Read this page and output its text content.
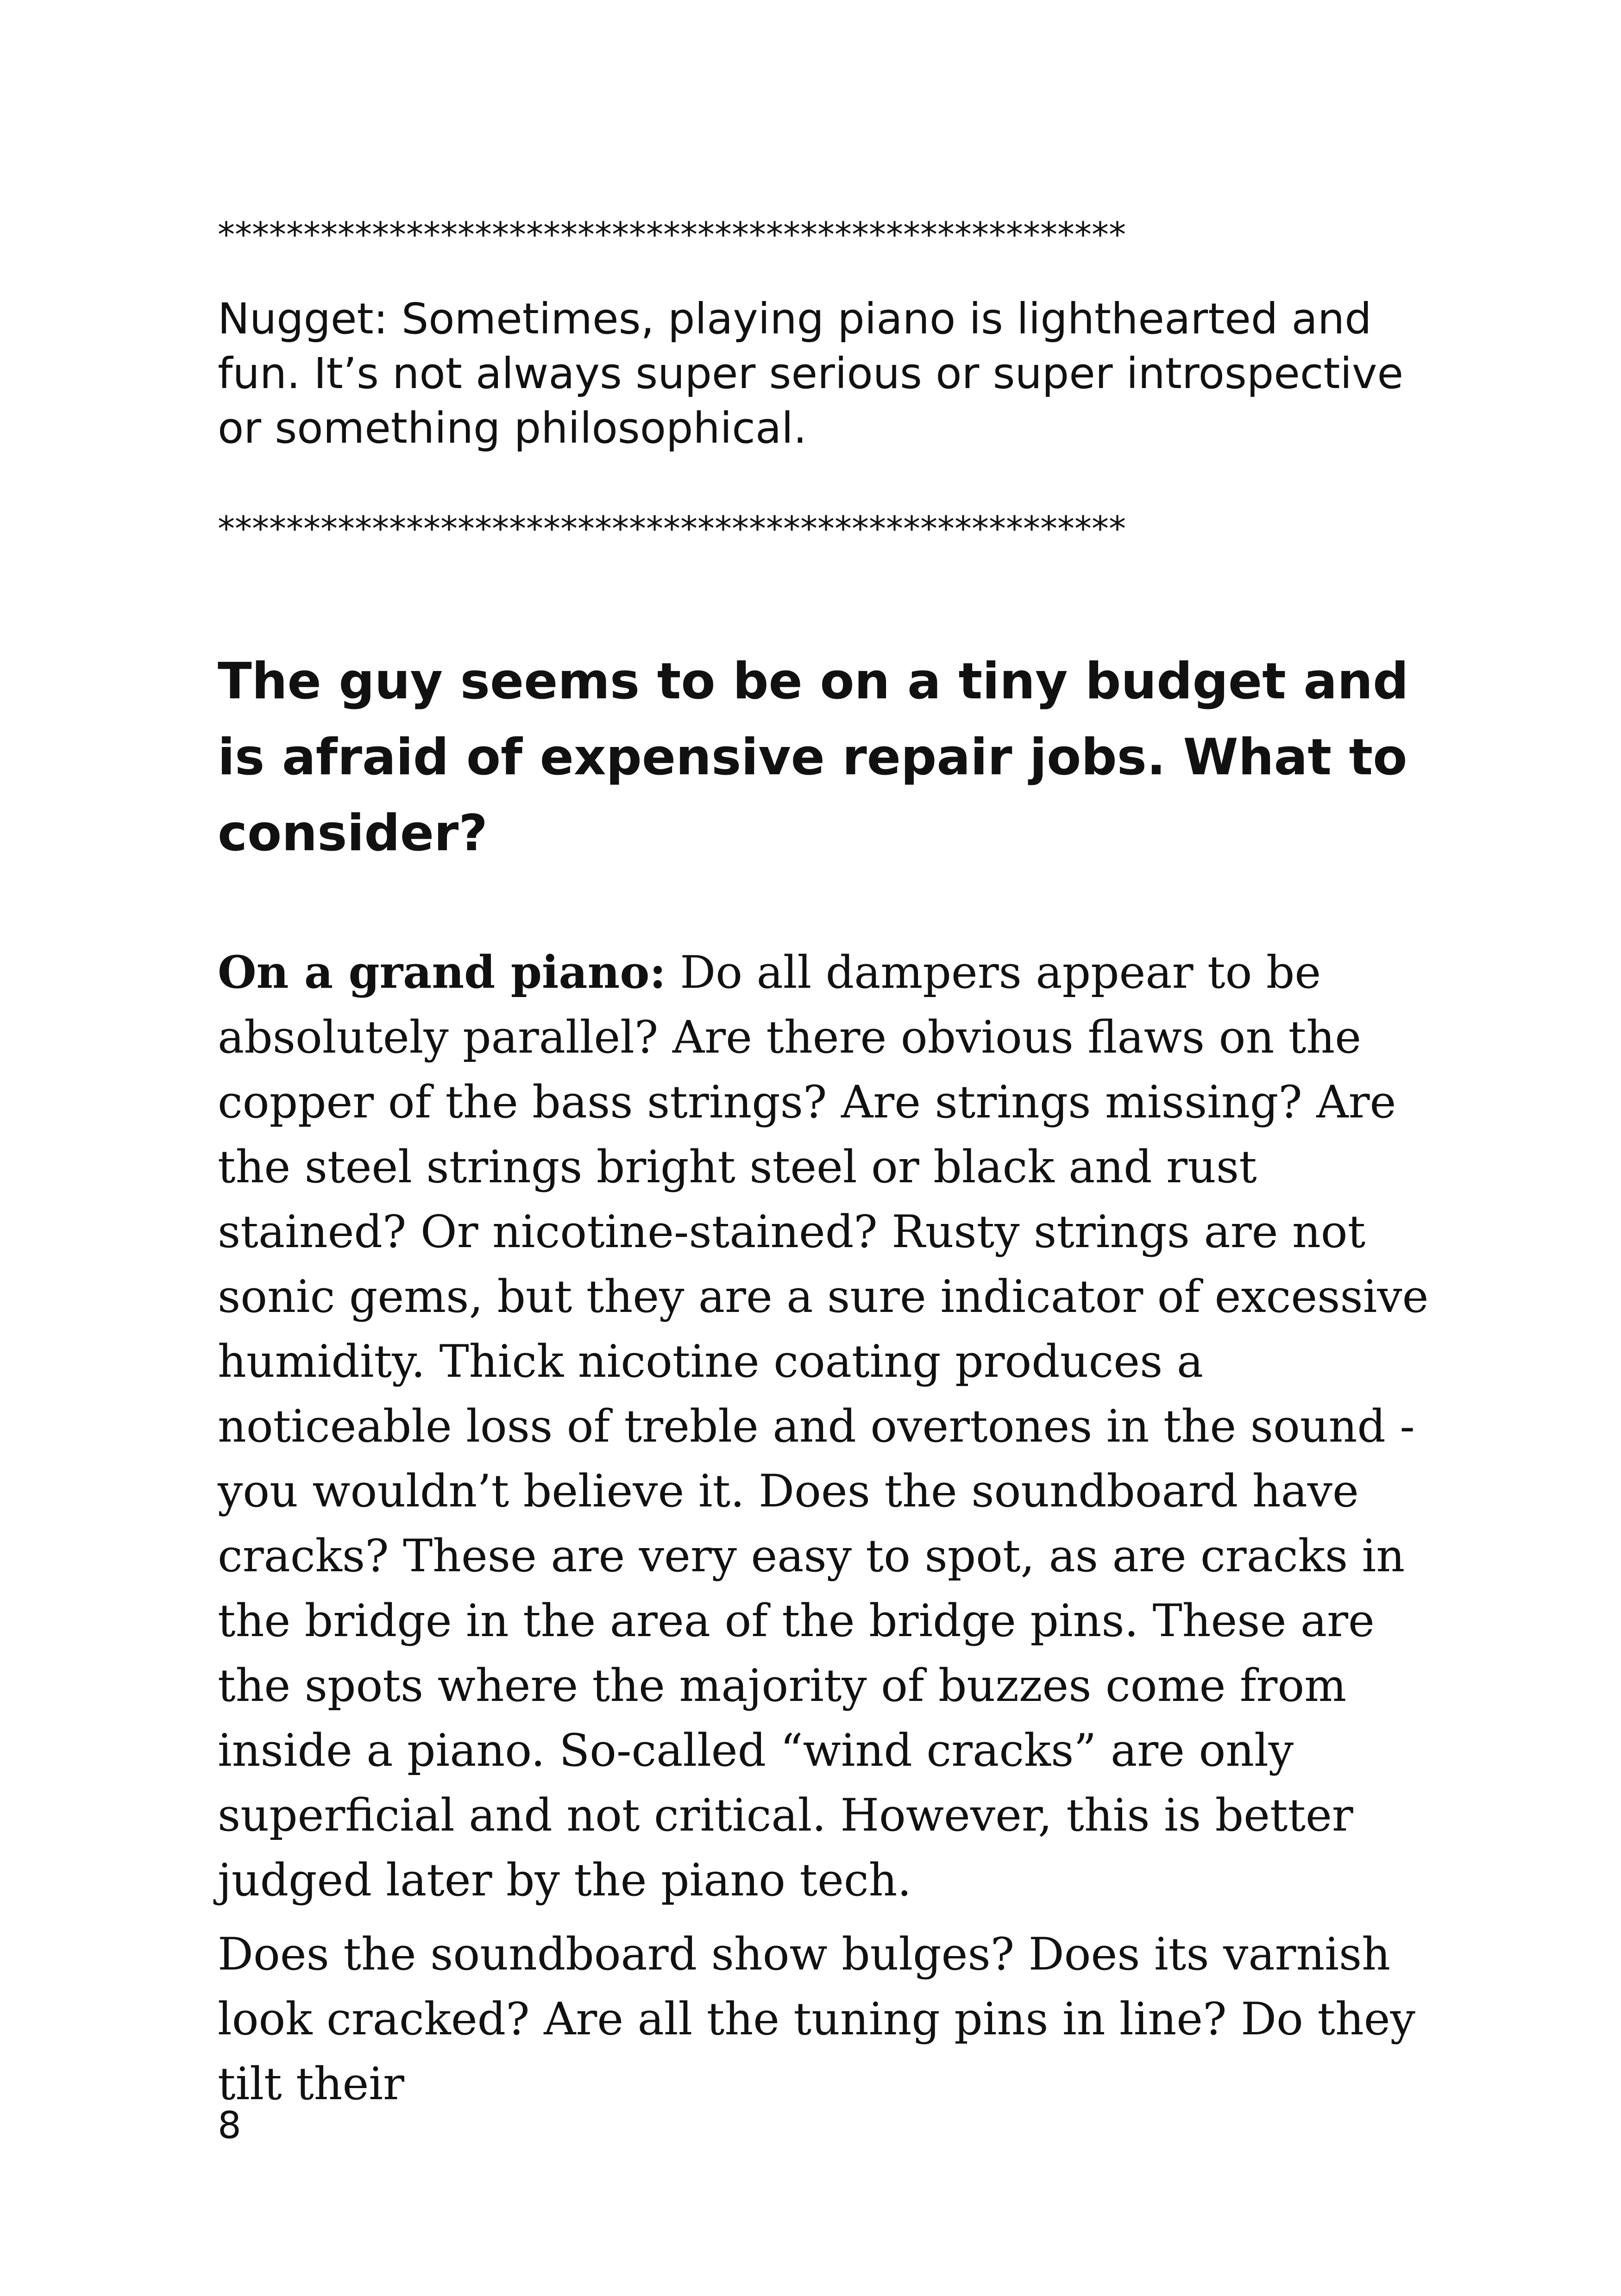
*****************************************************

Nugget: Sometimes, playing piano is lighthearted and fun. It’s not always super serious or super introspective or something philosophical.

*****************************************************
The guy seems to be on a tiny budget and is afraid of expensive repair jobs. What to consider?

On a grand piano: Do all dampers appear to be absolutely parallel? Are there obvious flaws on the copper of the bass strings? Are strings missing? Are the steel strings bright steel or black and rust stained? Or nicotine-stained? Rusty strings are not sonic gems, but they are a sure indicator of excessive humidity. Thick nicotine coating produces a noticeable loss of treble and overtones in the sound - you wouldn’t believe it. Does the soundboard have cracks? These are very easy to spot, as are cracks in the bridge in the area of the bridge pins. These are the spots where the majority of buzzes come from inside a piano. So-called “wind cracks” are only superficial and not critical. However, this is better judged later by the piano tech.

Does the soundboard show bulges? Does its varnish look cracked? Are all the tuning pins in line? Do they tilt their

8
